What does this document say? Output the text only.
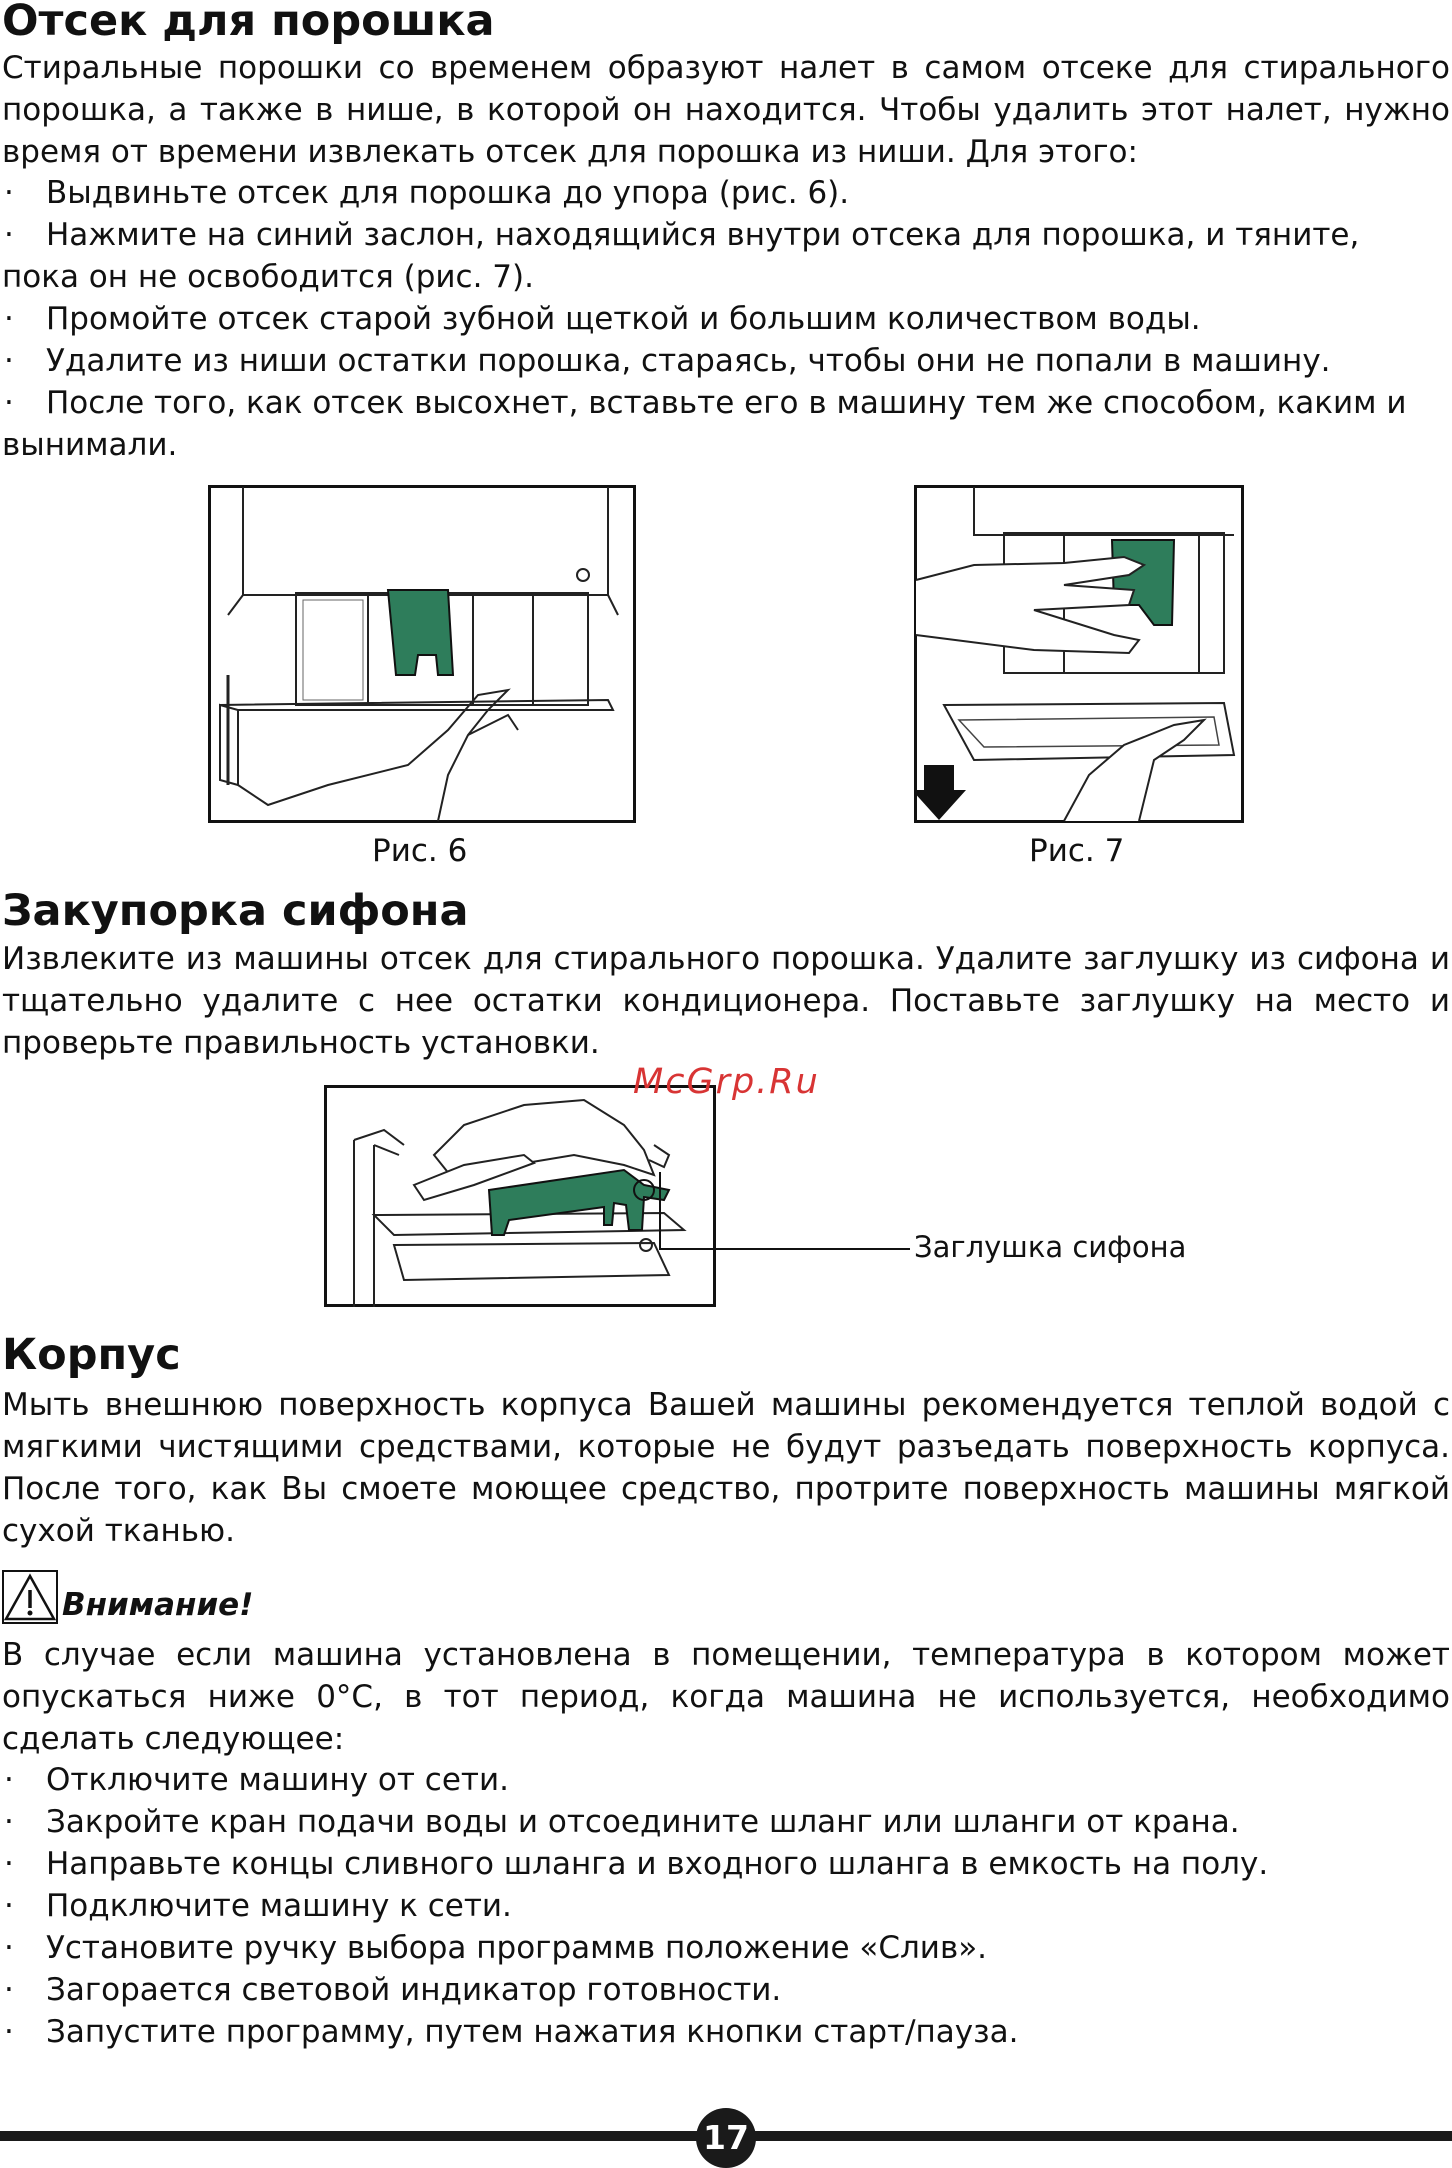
Отсек для порошка

Стиральные порошки со временем образуют налет в самом отсеке для стирального порошка, а также в нише, в которой он находится. Чтобы удалить этот налет, нужно время от времени извлекать отсек для порошка из ниши. Для этого:

· Выдвиньте отсек для порошка до упора (рис. 6).
· Нажмите на синий заслон, находящийся внутри отсека для порошка, и тяните,
пока он не освободится (рис. 7).
· Промойте отсек старой зубной щеткой и большим количеством воды.
· Удалите из ниши остатки порошка, стараясь, чтобы они не попали в машину.
· После того, как отсек высохнет, вставьте его в машину тем же способом, каким и
вынимали.
Рис. 6	Рис. 7
Закупорка сифона

Извлеките из машины отсек для стирального порошка. Удалите заглушку из сифона и тщательно удалите с нее остатки кондиционера. Поставьте заглушку на место и проверьте правильность установки.

Заглушка сифона
McGrp.Ru
Корпус

Мыть внешнюю поверхность корпуса Вашей машины рекомендуется теплой водой с мягкими чистящими средствами, которые не будут разъедать поверхность корпуса. После того, как Вы смоете моющее средство, протрите поверхность машины мягкой сухой тканью.

Внимание!

В случае если машина установлена в помещении, температура в котором может опускаться ниже 0°С, в тот период, когда машина не используется, необходимо сделать следующее:

· Отключите машину от сети.
· Закройте кран подачи воды и отсоедините шланг или шланги от крана.
· Направьте концы сливного шланга и входного шланга в емкость на полу.
· Подключите машину к сети.
· Установите ручку выбора программв положение «Слив».
· Загорается световой индикатор готовности.
· Запустите программу, путем нажатия кнопки старт/пауза.
17
